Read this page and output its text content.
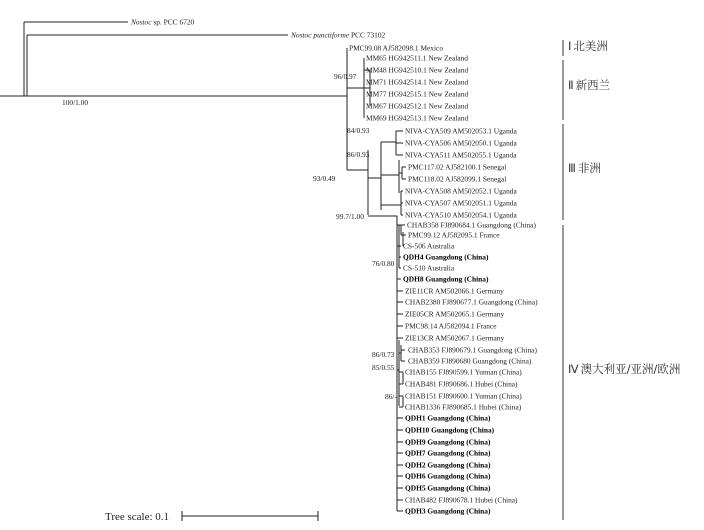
Nostoc sp. PCC 6720
Nostoc punctiforme PCC 73102
PMC99.08 AJ582098.1 Mexico
MM65 HG942511.1 New Zealand
MM48 HG942510.1 New Zealand
MM71 HG942514.1 New Zealand
MM77 HG942515.1 New Zealand
MM67 HG942512.1 New Zealand
MM69 HG942513.1 New Zealand
NIVA-CYA509 AM502053.1 Uganda
NIVA-CYA506 AM502050.1 Uganda
NIVA-CYA511 AM502055.1 Uganda
PMC117.02 AJ582100.1 Senegal
PMC118.02 AJ582099.1 Senegal
NIVA-CYA508 AM502052.1 Uganda
NIVA-CYA507 AM502051.1 Uganda
NIVA-CYA510 AM502054.1 Uganda
CHAB358 FJ890684.1 Guangdong (China)
PMC99.12 AJ582095.1 France
CS-506 Australia
QDH4 Guangdong (China)
CS-510 Australia
QDH8 Guangdong (China)
ZIE11CR AM502066.1 Germany
CHAB2380 FJ890677.1 Guangdong (China)
ZIE05CR AM502065.1 Germany
PMC98.14 AJ582094.1 France
ZIE13CR AM502067.1 Germany
CHAB353 FJ890679.1 Guangdong (China)
CHAB359 FJ890680 Guangdong (China)
CHAB155 FJ890599.1 Yunnan (China)
CHAB481 FJ890686.1 Hubei (China)
CHAB151 FJ890600.1 Yunnan (China)
CHAB1336 FJ890685.1 Hubei (China)
QDH1 Guangdong (China)
QDH10 Guangdong (China)
QDH9 Guangdong (China)
QDH7 Guangdong (China)
QDH2 Guangdong (China)
QDH6 Guangdong (China)
QDH5 Guangdong (China)
CHAB482 FJ890678.1 Hubei (China)
QDH3 Guangdong (China)
100/1.00
96/0.97
93/0.49
84/0.93
86/0.93
99.7/1.00
76/0.80
86/0.73
85/0.55
86/-
Ⅰ 北美洲
Ⅱ 新西兰
Ⅲ 非洲
Ⅳ 澳大利亚/亚洲/欧洲
Tree scale: 0.1
